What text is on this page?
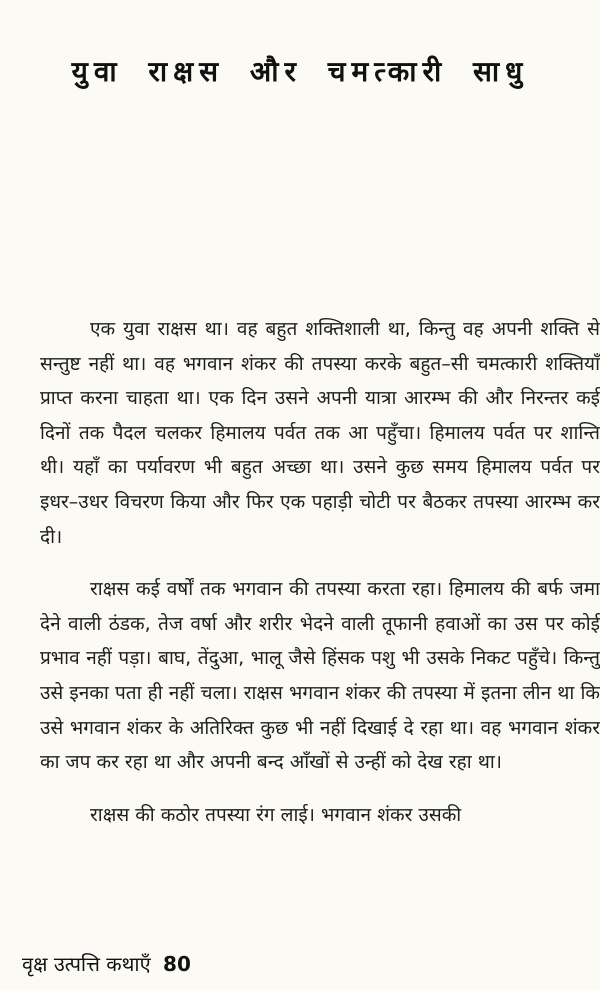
युवा राक्षस और चमत्कारी साधु

एक युवा राक्षस था। वह बहुत शक्तिशाली था, किन्तु वह अपनी शक्ति से सन्तुष्ट नहीं था। वह भगवान शंकर की तपस्या करके बहुत–सी चमत्कारी शक्तियाँ प्राप्त करना चाहता था। एक दिन उसने अपनी यात्रा आरम्भ की और निरन्तर कई दिनों तक पैदल चलकर हिमालय पर्वत तक आ पहुँचा। हिमालय पर्वत पर शान्ति थी। यहाँ का पर्यावरण भी बहुत अच्छा था। उसने कुछ समय हिमालय पर्वत पर इधर–उधर विचरण किया और फिर एक पहाड़ी चोटी पर बैठकर तपस्या आरम्भ कर दी।

राक्षस कई वर्षों तक भगवान की तपस्या करता रहा। हिमालय की बर्फ जमा देने वाली ठंडक, तेज वर्षा और शरीर भेदने वाली तूफानी हवाओं का उस पर कोई प्रभाव नहीं पड़ा। बाघ, तेंदुआ, भालू जैसे हिंसक पशु भी उसके निकट पहुँचे। किन्तु उसे इनका पता ही नहीं चला। राक्षस भगवान शंकर की तपस्या में इतना लीन था कि उसे भगवान शंकर के अतिरिक्त कुछ भी नहीं दिखाई दे रहा था। वह भगवान शंकर का जप कर रहा था और अपनी बन्द आँखों से उन्हीं को देख रहा था।

राक्षस की कठोर तपस्या रंग लाई। भगवान शंकर उसकी

वृक्ष उत्पत्ति कथाएँ 80
